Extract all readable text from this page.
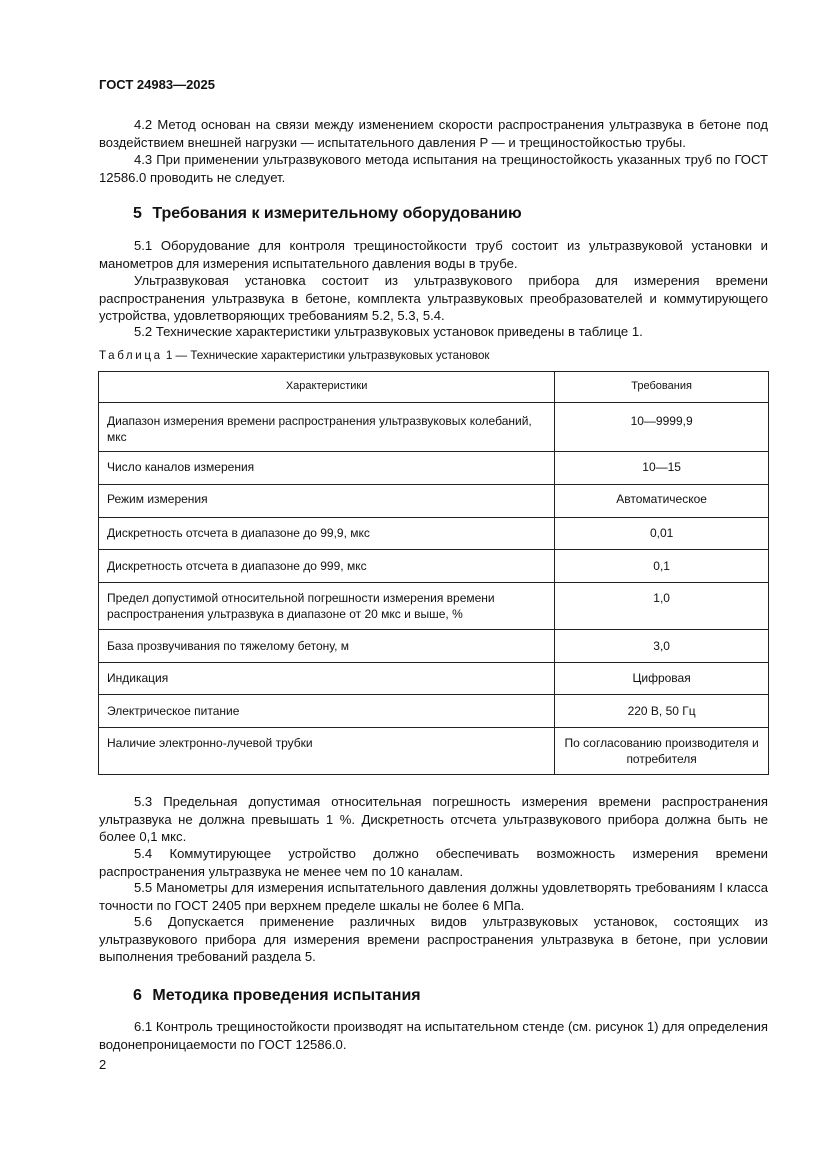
ГОСТ 24983—2025
4.2 Метод основан на связи между изменением скорости распространения ультразвука в бетоне под воздействием внешней нагрузки — испытательного давления P — и трещиностойкостью трубы.
4.3 При применении ультразвукового метода испытания на трещиностойкость указанных труб по ГОСТ 12586.0 проводить не следует.
5 Требования к измерительному оборудованию
5.1 Оборудование для контроля трещиностойкости труб состоит из ультразвуковой установки и манометров для измерения испытательного давления воды в трубе.
Ультразвуковая установка состоит из ультразвукового прибора для измерения времени распространения ультразвука в бетоне, комплекта ультразвуковых преобразователей и коммутирующего устройства, удовлетворяющих требованиям 5.2, 5.3, 5.4.
5.2 Технические характеристики ультразвуковых установок приведены в таблице 1.
Таблица 1 — Технические характеристики ультразвуковых установок
Характеристики	Требования
Диапазон измерения времени распространения ультразвуковых колебаний, мкс	10—9999,9
Число каналов измерения	10—15
Режим измерения	Автоматическое
Дискретность отсчета в диапазоне до 99,9, мкс	0,01
Дискретность отсчета в диапазоне до 999, мкс	0,1
Предел допустимой относительной погрешности измерения времени распространения ультразвука в диапазоне от 20 мкс и выше, %	1,0
База прозвучивания по тяжелому бетону, м	3,0
Индикация	Цифровая
Электрическое питание	220 В, 50 Гц
Наличие электронно-лучевой трубки	По согласованию производителя и потребителя
5.3 Предельная допустимая относительная погрешность измерения времени распространения ультразвука не должна превышать 1 %. Дискретность отсчета ультразвукового прибора должна быть не более 0,1 мкс.
5.4 Коммутирующее устройство должно обеспечивать возможность измерения времени распространения ультразвука не менее чем по 10 каналам.
5.5 Манометры для измерения испытательного давления должны удовлетворять требованиям I класса точности по ГОСТ 2405 при верхнем пределе шкалы не более 6 МПа.
5.6 Допускается применение различных видов ультразвуковых установок, состоящих из ультразвукового прибора для измерения времени распространения ультразвука в бетоне, при условии выполнения требований раздела 5.
6 Методика проведения испытания
6.1 Контроль трещиностойкости производят на испытательном стенде (см. рисунок 1) для определения водонепроницаемости по ГОСТ 12586.0.
2
